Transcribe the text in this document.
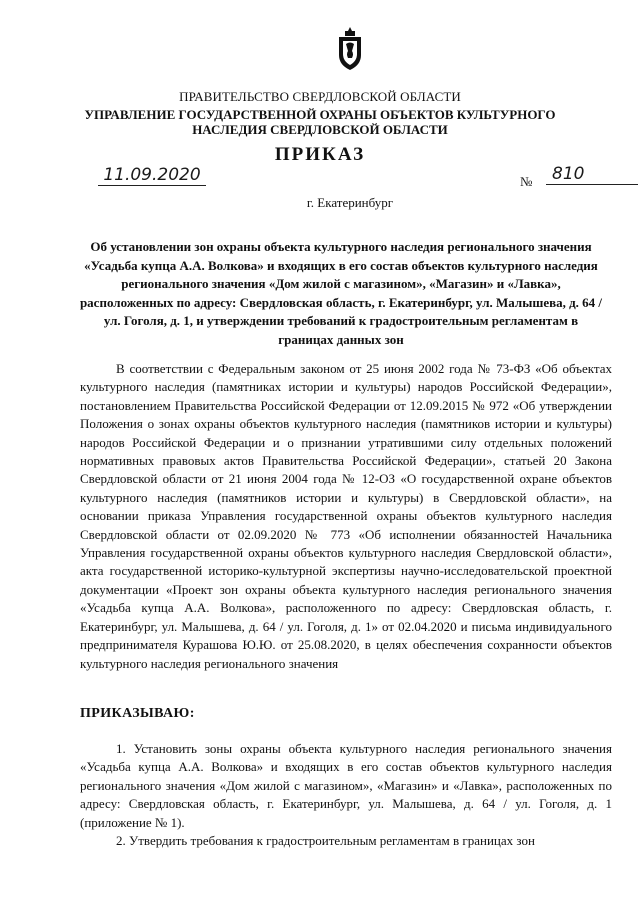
ПРАВИТЕЛЬСТВО СВЕРДЛОВСКОЙ ОБЛАСТИ
УПРАВЛЕНИЕ ГОСУДАРСТВЕННОЙ ОХРАНЫ ОБЪЕКТОВ КУЛЬТУРНОГО НАСЛЕДИЯ СВЕРДЛОВСКОЙ ОБЛАСТИ
ПРИКАЗ
11.09.2020	№	810
г. Екатеринбург
Об установлении зон охраны объекта культурного наследия регионального значения «Усадьба купца А.А. Волкова» и входящих в его состав объектов культурного наследия регионального значения «Дом жилой с магазином», «Магазин» и «Лавка», расположенных по адресу: Свердловская область, г. Екатеринбург, ул. Малышева, д. 64 / ул. Гоголя, д. 1, и утверждении требований к градостроительным регламентам в границах данных зон

В соответствии с Федеральным законом от 25 июня 2002 года № 73-ФЗ «Об объектах культурного наследия (памятниках истории и культуры) народов Российской Федерации», постановлением Правительства Российской Федерации от 12.09.2015 № 972 «Об утверждении Положения о зонах охраны объектов культурного наследия (памятников истории и культуры) народов Российской Федерации и о признании утратившими силу отдельных положений нормативных правовых актов Правительства Российской Федерации», статьей 20 Закона Свердловской области от 21 июня 2004 года № 12-ОЗ «О государственной охране объектов культурного наследия (памятников истории и культуры) в Свердловской области», на основании приказа Управления государственной охраны объектов культурного наследия Свердловской области от 02.09.2020 № 773 «Об исполнении обязанностей Начальника Управления государственной охраны объектов культурного наследия Свердловской области», акта государственной историко-культурной экспертизы научно-исследовательской проектной документации «Проект зон охраны объекта культурного наследия регионального значения «Усадьба купца А.А. Волкова», расположенного по адресу: Свердловская область, г. Екатеринбург, ул. Малышева, д. 64 / ул. Гоголя, д. 1» от 02.04.2020 и письма индивидуального предпринимателя Курашова Ю.Ю. от 25.08.2020, в целях обеспечения сохранности объектов культурного наследия регионального значения

ПРИКАЗЫВАЮ:

1. Установить зоны охраны объекта культурного наследия регионального значения «Усадьба купца А.А. Волкова» и входящих в его состав объектов культурного наследия регионального значения «Дом жилой с магазином», «Магазин» и «Лавка», расположенных по адресу: Свердловская область, г. Екатеринбург, ул. Малышева, д. 64 / ул. Гоголя, д. 1 (приложение № 1).

2. Утвердить требования к градостроительным регламентам в границах зон
